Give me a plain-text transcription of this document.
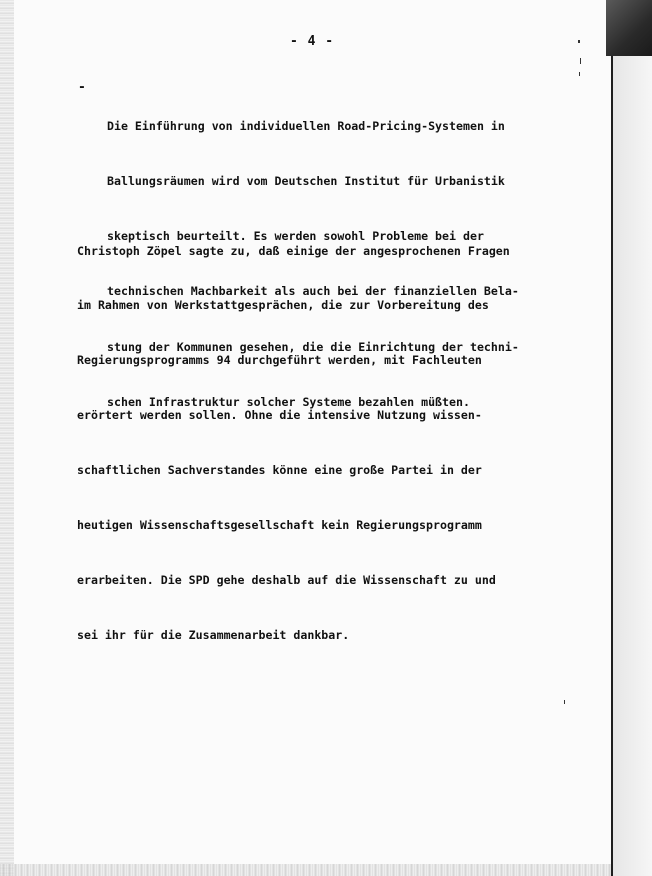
- 4 -
-

Die Einführung von individuellen Road-Pricing-Systemen in

Ballungsräumen wird vom Deutschen Institut für Urbanistik

skeptisch beurteilt. Es werden sowohl Probleme bei der

technischen Machbarkeit als auch bei der finanziellen Bela-

stung der Kommunen gesehen, die die Einrichtung der techni-

schen Infrastruktur solcher Systeme bezahlen müßten.

Christoph Zöpel sagte zu, daß einige der angesprochenen Fragen

im Rahmen von Werkstattgesprächen, die zur Vorbereitung des

Regierungsprogramms 94 durchgeführt werden, mit Fachleuten

erörtert werden sollen. Ohne die intensive Nutzung wissen-

schaftlichen Sachverstandes könne eine große Partei in der

heutigen Wissenschaftsgesellschaft kein Regierungsprogramm

erarbeiten. Die SPD gehe deshalb auf die Wissenschaft zu und

sei ihr für die Zusammenarbeit dankbar.
